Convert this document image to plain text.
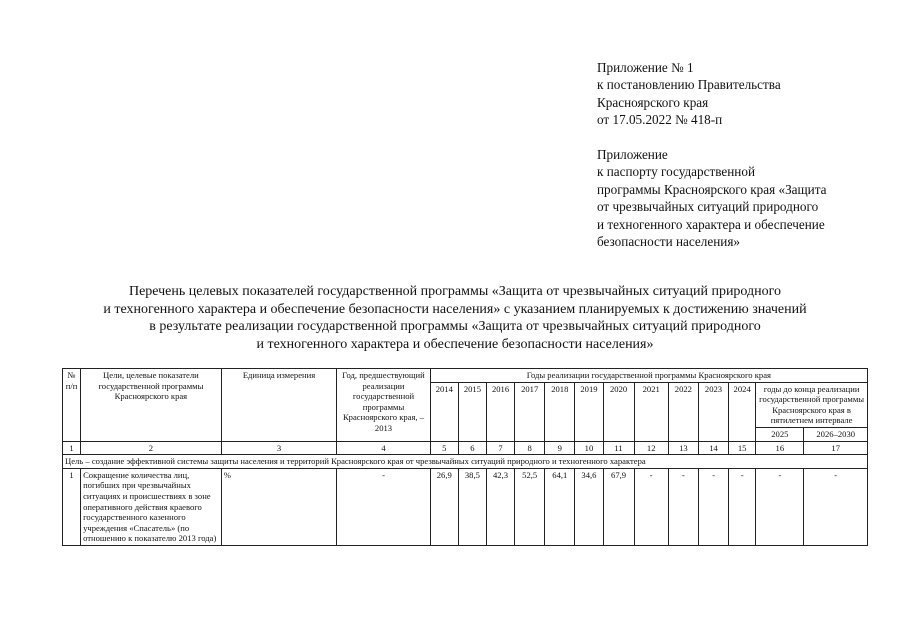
Приложение № 1
к постановлению Правительства
Красноярского края
от 17.05.2022 № 418-п
Приложение
к паспорту государственной
программы Красноярского края «Защита
от чрезвычайных ситуаций природного
и техногенного характера и обеспечение
безопасности населения»
Перечень целевых показателей государственной программы «Защита от чрезвычайных ситуаций природного
и техногенного характера и обеспечение безопасности населения» с указанием планируемых к достижению значений
в результате реализации государственной программы «Защита от чрезвычайных ситуаций природного
и техногенного характера и обеспечение безопасности населения»
№ п/п	Цели, целевые показатели государственной программы Красноярского края	Единица измерения	Год, предшествующий реализации государственной программы Красноярского края, – 2013	Годы реализации государственной программы Красноярского края												
				2014	2015	2016	2017	2018	2019	2020	2021	2022	2023	2024	годы до конца реализации государственной программы Красноярского края в пятилетнем интервале	
															2025	2026–2030
1	2	3	4	5	6	7	8	9	10	11	12	13	14	15	16	17
Цель – создание эффективной системы защиты населения и территорий Красноярского края от чрезвычайных ситуаций природного и техногенного характера																
1	Сокращение количества лиц, погибших при чрезвычайных ситуациях и происшествиях в зоне оперативного действия краевого государственного казенного учреждения «Спасатель» (по отношению к показателю 2013 года)	%	-	26,9	38,5	42,3	52,5	64,1	34,6	67,9	-	-	-	-	-	-
